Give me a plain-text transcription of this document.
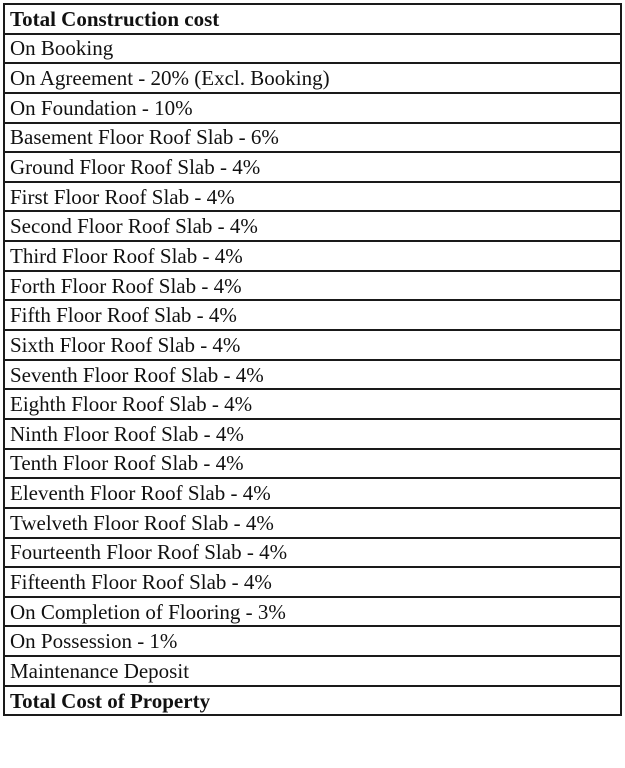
Total Construction cost
On Booking
On Agreement - 20% (Excl. Booking)
On Foundation - 10%
Basement Floor Roof Slab - 6%
Ground Floor Roof Slab - 4%
First Floor Roof Slab - 4%
Second Floor Roof Slab - 4%
Third Floor Roof Slab - 4%
Forth Floor Roof Slab - 4%
Fifth Floor Roof Slab - 4%
Sixth Floor Roof Slab - 4%
Seventh Floor Roof Slab - 4%
Eighth Floor Roof Slab - 4%
Ninth Floor Roof Slab - 4%
Tenth Floor Roof Slab - 4%
Eleventh Floor Roof Slab - 4%
Twelveth Floor Roof Slab - 4%
Fourteenth Floor Roof Slab - 4%
Fifteenth Floor Roof Slab - 4%
On Completion of Flooring - 3%
On Possession - 1%
Maintenance Deposit
Total Cost of Property
